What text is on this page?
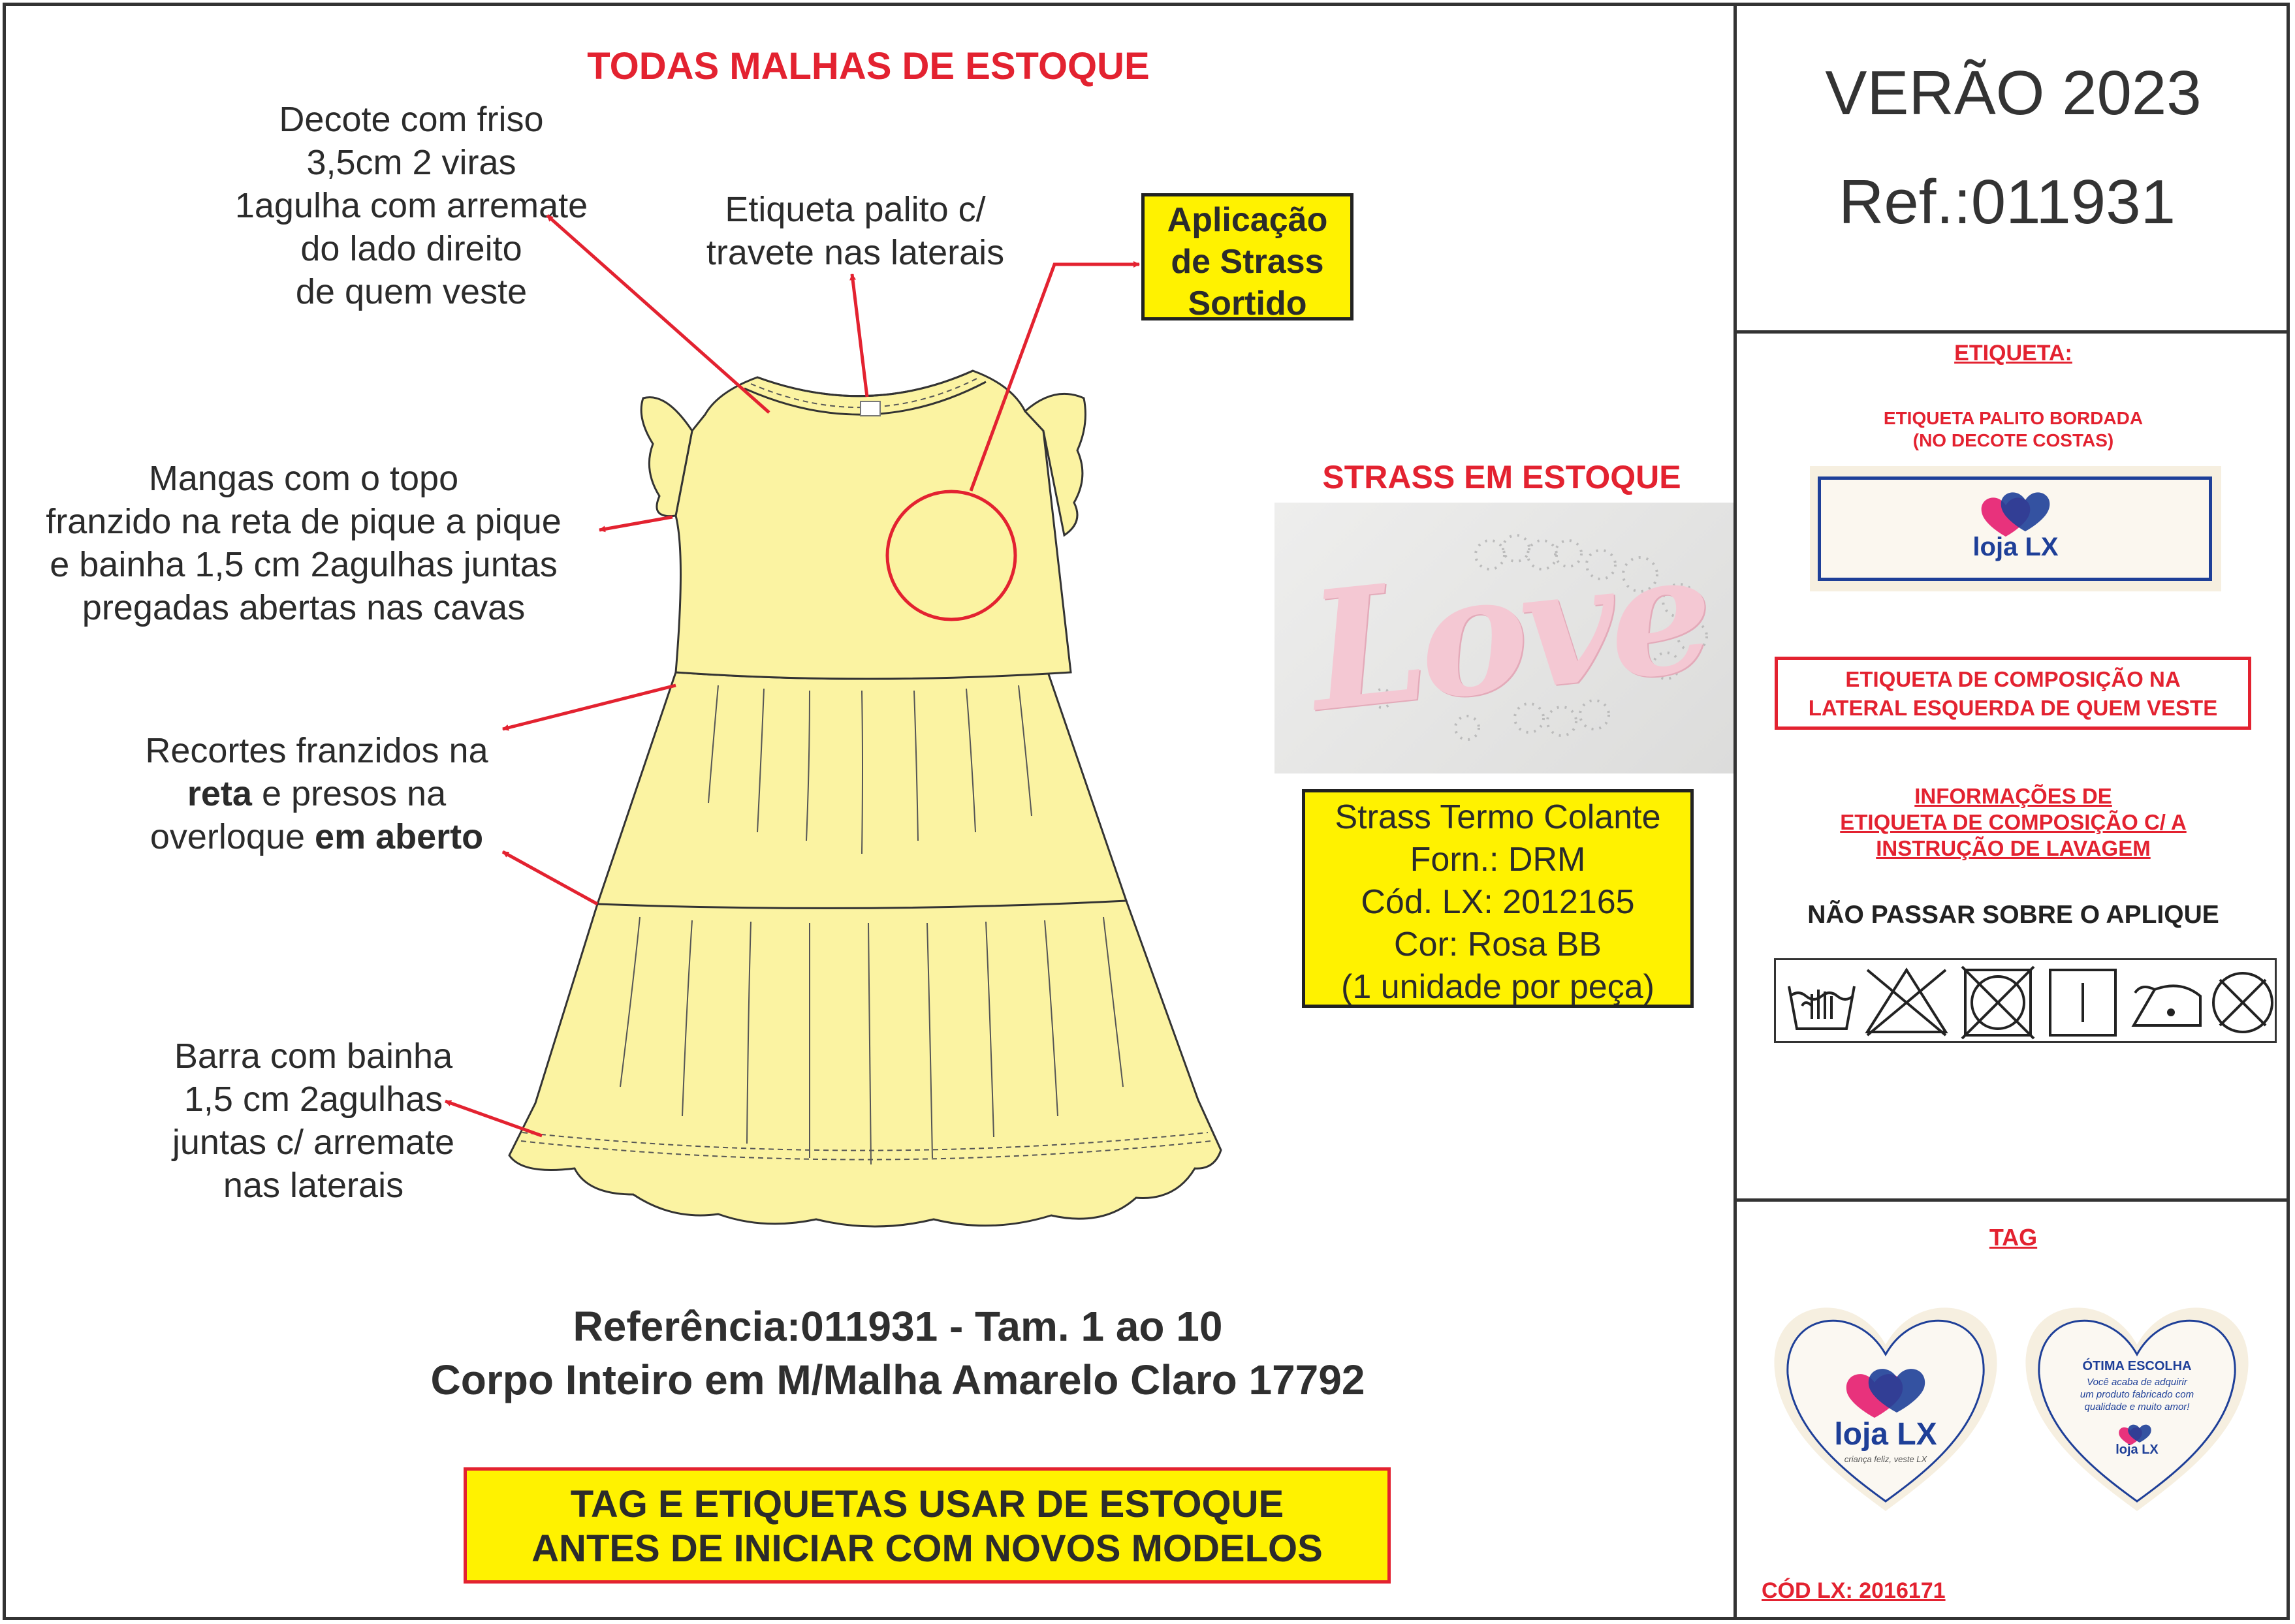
TODAS MALHAS DE ESTOQUE
Decote com friso
3,5cm 2 viras
1agulha com arremate
do lado direito
de quem veste
Etiqueta palito c/
travete nas laterais
Aplicação
de Strass
Sortido
Mangas com o topo
franzido na reta de pique a pique
e bainha 1,5 cm 2agulhas juntas
pregadas abertas nas cavas
Recortes franzidos na
reta e presos na
overloque em aberto
Barra com bainha
1,5 cm 2agulhas
juntas c/ arremate
nas laterais
STRASS EM ESTOQUE
Love
Strass Termo Colante
Forn.: DRM
Cód. LX: 2012165
Cor: Rosa BB
(1 unidade por peça)
Referência:011931 - Tam. 1 ao 10
Corpo Inteiro em M/Malha Amarelo Claro 17792
TAG E ETIQUETAS USAR DE ESTOQUE
ANTES DE INICIAR COM NOVOS MODELOS
VERÃO 2023
Ref.:011931
ETIQUETA:
ETIQUETA PALITO BORDADA
(NO DECOTE COSTAS)
loja LX
ETIQUETA DE COMPOSIÇÃO NA
LATERAL ESQUERDA DE QUEM VESTE
INFORMAÇÕES DE
ETIQUETA DE COMPOSIÇÃO C/ A
INSTRUÇÃO DE LAVAGEM
NÃO PASSAR SOBRE O APLIQUE
TAG
loja LX
criança feliz, veste LX
ÓTIMA ESCOLHA
Você acaba de adquirir
um produto fabricado com
qualidade e muito amor!
loja LX
CÓD LX: 2016171
